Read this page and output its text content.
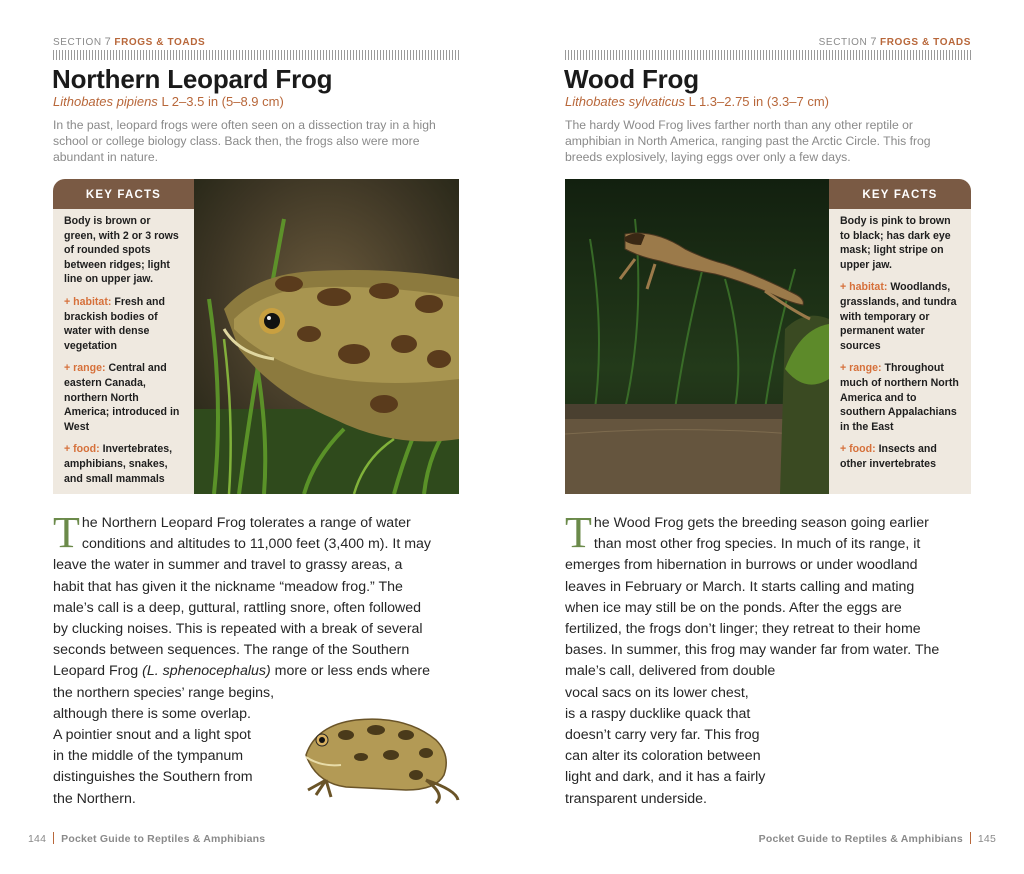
SECTION 7 FROGS & TOADS
Northern Leopard Frog
Lithobates pipiens L 2–3.5 in (5–8.9 cm)
In the past, leopard frogs were often seen on a dissection tray in a high school or college biology class. Back then, the frogs also were more abundant in nature.
KEY FACTS

Body is brown or green, with 2 or 3 rows of rounded spots between ridges; light line on upper jaw.

+ habitat: Fresh and brackish bodies of water with dense vegetation

+ range: Central and eastern Canada, northern North America; introduced in West

+ food: Invertebrates, amphibians, snakes, and small mammals

T he Northern Leopard Frog tolerates a range of water
conditions and altitudes to 11,000 feet (3,400 m). It may
leave the water in summer and travel to grassy areas, a
habit that has given it the nickname “meadow frog.” The
male’s call is a deep, guttural, rattling snore, often followed
by clucking noises. This is repeated with a break of several
seconds between sequences. The range of the Southern
Leopard Frog (L. sphenocephalus) more or less ends where
the northern species’ range begins,
although there is some overlap.
A pointier snout and a light spot
in the middle of the tympanum
distinguishes the Southern from
the Northern.
144 Pocket Guide to Reptiles & Amphibians
SECTION 7 FROGS & TOADS
Wood Frog
Lithobates sylvaticus L 1.3–2.75 in (3.3–7 cm)
The hardy Wood Frog lives farther north than any other reptile or amphibian in North America, ranging past the Arctic Circle. This frog breeds explosively, laying eggs over only a few days.
KEY FACTS

Body is pink to brown to black; has dark eye mask; light stripe on upper jaw.

+ habitat: Woodlands, grasslands, and tundra with temporary or permanent water sources

+ range: Throughout much of northern North America and to southern Appalachians in the East

+ food: Insects and other invertebrates

T he Wood Frog gets the breeding season going earlier
than most other frog species. In much of its range, it
emerges from hibernation in burrows or under woodland
leaves in February or March. It starts calling and mating
when ice may still be on the ponds. After the eggs are
fertilized, the frogs don’t linger; they retreat to their home
bases. In summer, this frog may wander far from water. The
male’s call, delivered from double
vocal sacs on its lower chest,
is a raspy ducklike quack that
doesn’t carry very far. This frog
can alter its coloration between
light and dark, and it has a fairly
transparent underside.
Pocket Guide to Reptiles & Amphibians 145
